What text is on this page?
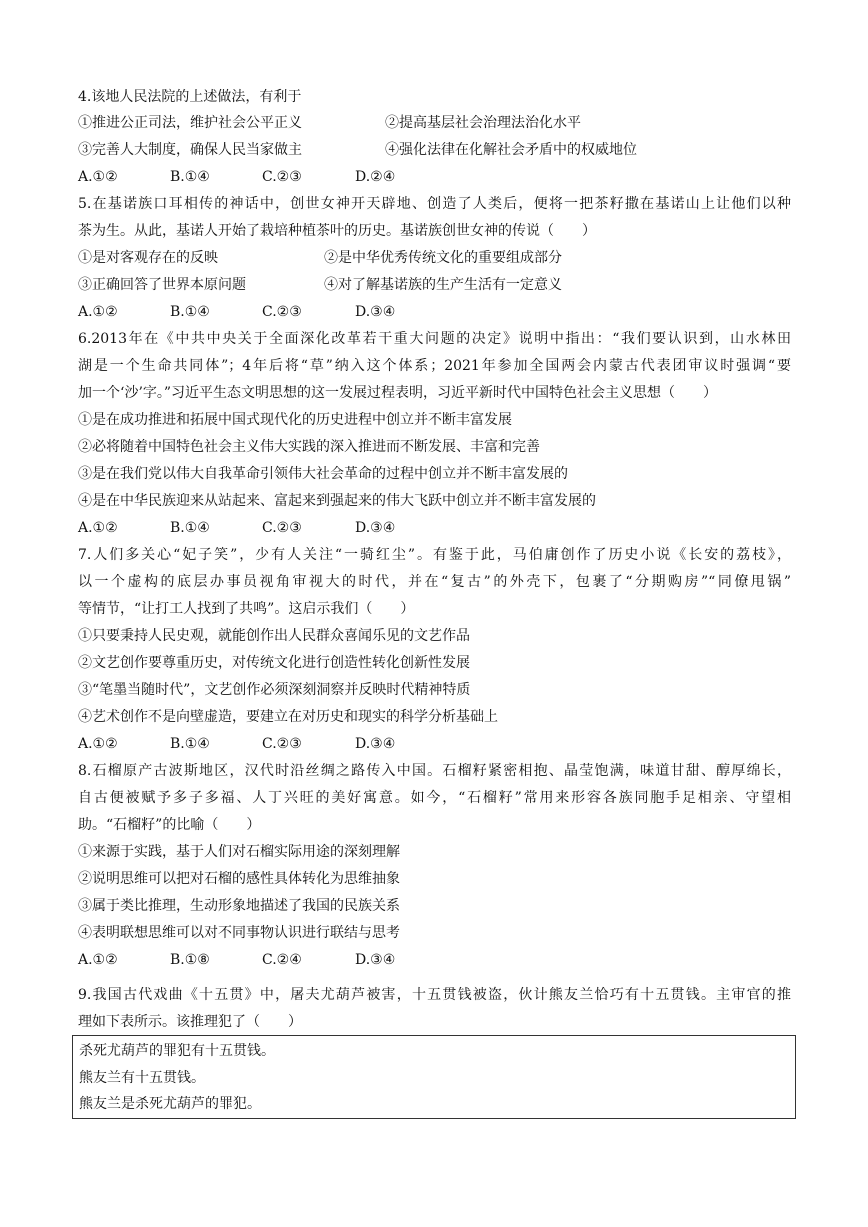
4.该地人民法院的上述做法，有利于
①推进公正司法，维护社会公平正义	②提高基层社会治理法治化水平
③完善人大制度，确保人民当家做主	④强化法律在化解社会矛盾中的权威地位
A.①②	B.①④	C.②③	D.②④
5.在基诺族口耳相传的神话中，创世女神开天辟地、创造了人类后，便将一把茶籽撒在基诺山上让他们以种
茶为生。从此，基诺人开始了栽培种植茶叶的历史。基诺族创世女神的传说（　　）
①是对客观存在的反映	②是中华优秀传统文化的重要组成部分
③正确回答了世界本原问题	④对了解基诺族的生产生活有一定意义
A.①②	B.①④	C.②③	D.③④
6.2013年在《中共中央关于全面深化改革若干重大问题的决定》说明中指出：“我们要认识到，山水林田
湖是一个生命共同体”；4年后将“草”纳入这个体系；2021年参加全国两会内蒙古代表团审议时强调“要
加一个‘沙’字。”习近平生态文明思想的这一发展过程表明，习近平新时代中国特色社会主义思想（　　）
①是在成功推进和拓展中国式现代化的历史进程中创立并不断丰富发展
②必将随着中国特色社会主义伟大实践的深入推进而不断发展、丰富和完善
③是在我们党以伟大自我革命引领伟大社会革命的过程中创立并不断丰富发展的
④是在中华民族迎来从站起来、富起来到强起来的伟大飞跃中创立并不断丰富发展的
A.①②	B.①④	C.②③	D.③④
7.人们多关心“妃子笑”，少有人关注“一骑红尘”。有鉴于此，马伯庸创作了历史小说《长安的荔枝》，
以一个虚构的底层办事员视角审视大的时代，并在“复古”的外壳下，包裹了“分期购房”“同僚甩锅”
等情节，“让打工人找到了共鸣”。这启示我们（　　）
①只要秉持人民史观，就能创作出人民群众喜闻乐见的文艺作品
②文艺创作要尊重历史，对传统文化进行创造性转化创新性发展
③“笔墨当随时代”，文艺创作必须深刻洞察并反映时代精神特质
④艺术创作不是向壁虚造，要建立在对历史和现实的科学分析基础上
A.①②	B.①④	C.②③	D.③④
8.石榴原产古波斯地区，汉代时沿丝绸之路传入中国。石榴籽紧密相抱、晶莹饱满，味道甘甜、醇厚绵长，
自古便被赋予多子多福、人丁兴旺的美好寓意。如今，“石榴籽”常用来形容各族同胞手足相亲、守望相
助。“石榴籽”的比喻（　　）
①来源于实践，基于人们对石榴实际用途的深刻理解
②说明思维可以把对石榴的感性具体转化为思维抽象
③属于类比推理，生动形象地描述了我国的民族关系
④表明联想思维可以对不同事物认识进行联结与思考
A.①②	B.①⑧	C.②④	D.③④
9.我国古代戏曲《十五贯》中，屠夫尤葫芦被害，十五贯钱被盗，伙计熊友兰恰巧有十五贯钱。主审官的推
理如下表所示。该推理犯了（　　）
杀死尤葫芦的罪犯有十五贯钱。
熊友兰有十五贯钱。
熊友兰是杀死尤葫芦的罪犯。
